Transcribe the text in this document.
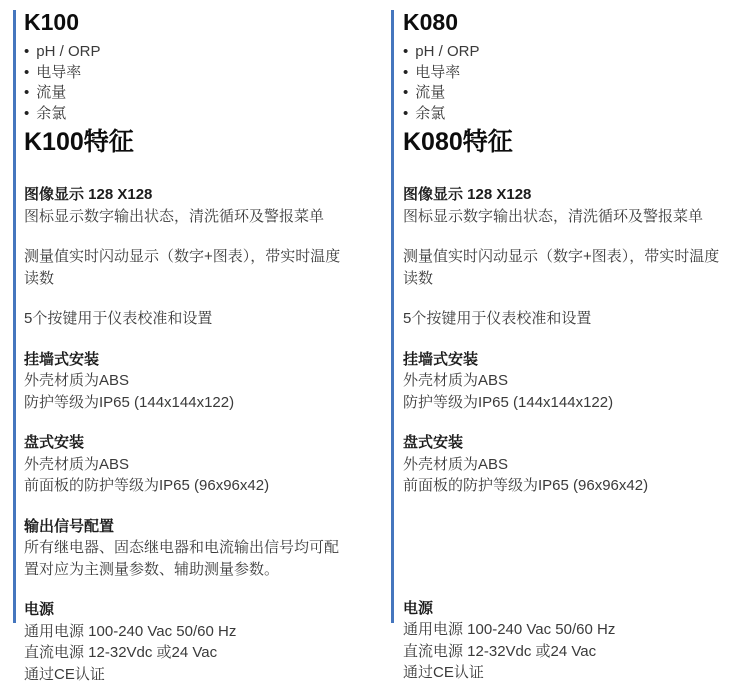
K100
• pH / ORP
• 电导率
• 流量
• 余氯
K100特征
图像显示 128 X128

图标显示数字输出状态，清洗循环及警报菜单

测量值实时闪动显示（数字+图表），带实时温度读数

5个按键用于仪表校准和设置

挂墙式安装

外壳材质为ABS

防护等级为IP65 (144x144x122)

盘式安装

外壳材质为ABS

前面板的防护等级为IP65 (96x96x42)

输出信号配置

所有继电器、固态继电器和电流输出信号均可配置对应为主测量参数、辅助测量参数。

电源

通用电源 100-240 Vac 50/60 Hz

直流电源 12-32Vdc 或24 Vac

通过CE认证

K080
• pH / ORP
• 电导率
• 流量
• 余氯
K080特征
图像显示 128 X128

图标显示数字输出状态，清洗循环及警报菜单

测量值实时闪动显示（数字+图表），带实时温度读数

5个按键用于仪表校准和设置

挂墙式安装

外壳材质为ABS

防护等级为IP65 (144x144x122)

盘式安装

外壳材质为ABS

前面板的防护等级为IP65 (96x96x42)

电源

通用电源 100-240 Vac 50/60 Hz

直流电源 12-32Vdc 或24 Vac

通过CE认证
